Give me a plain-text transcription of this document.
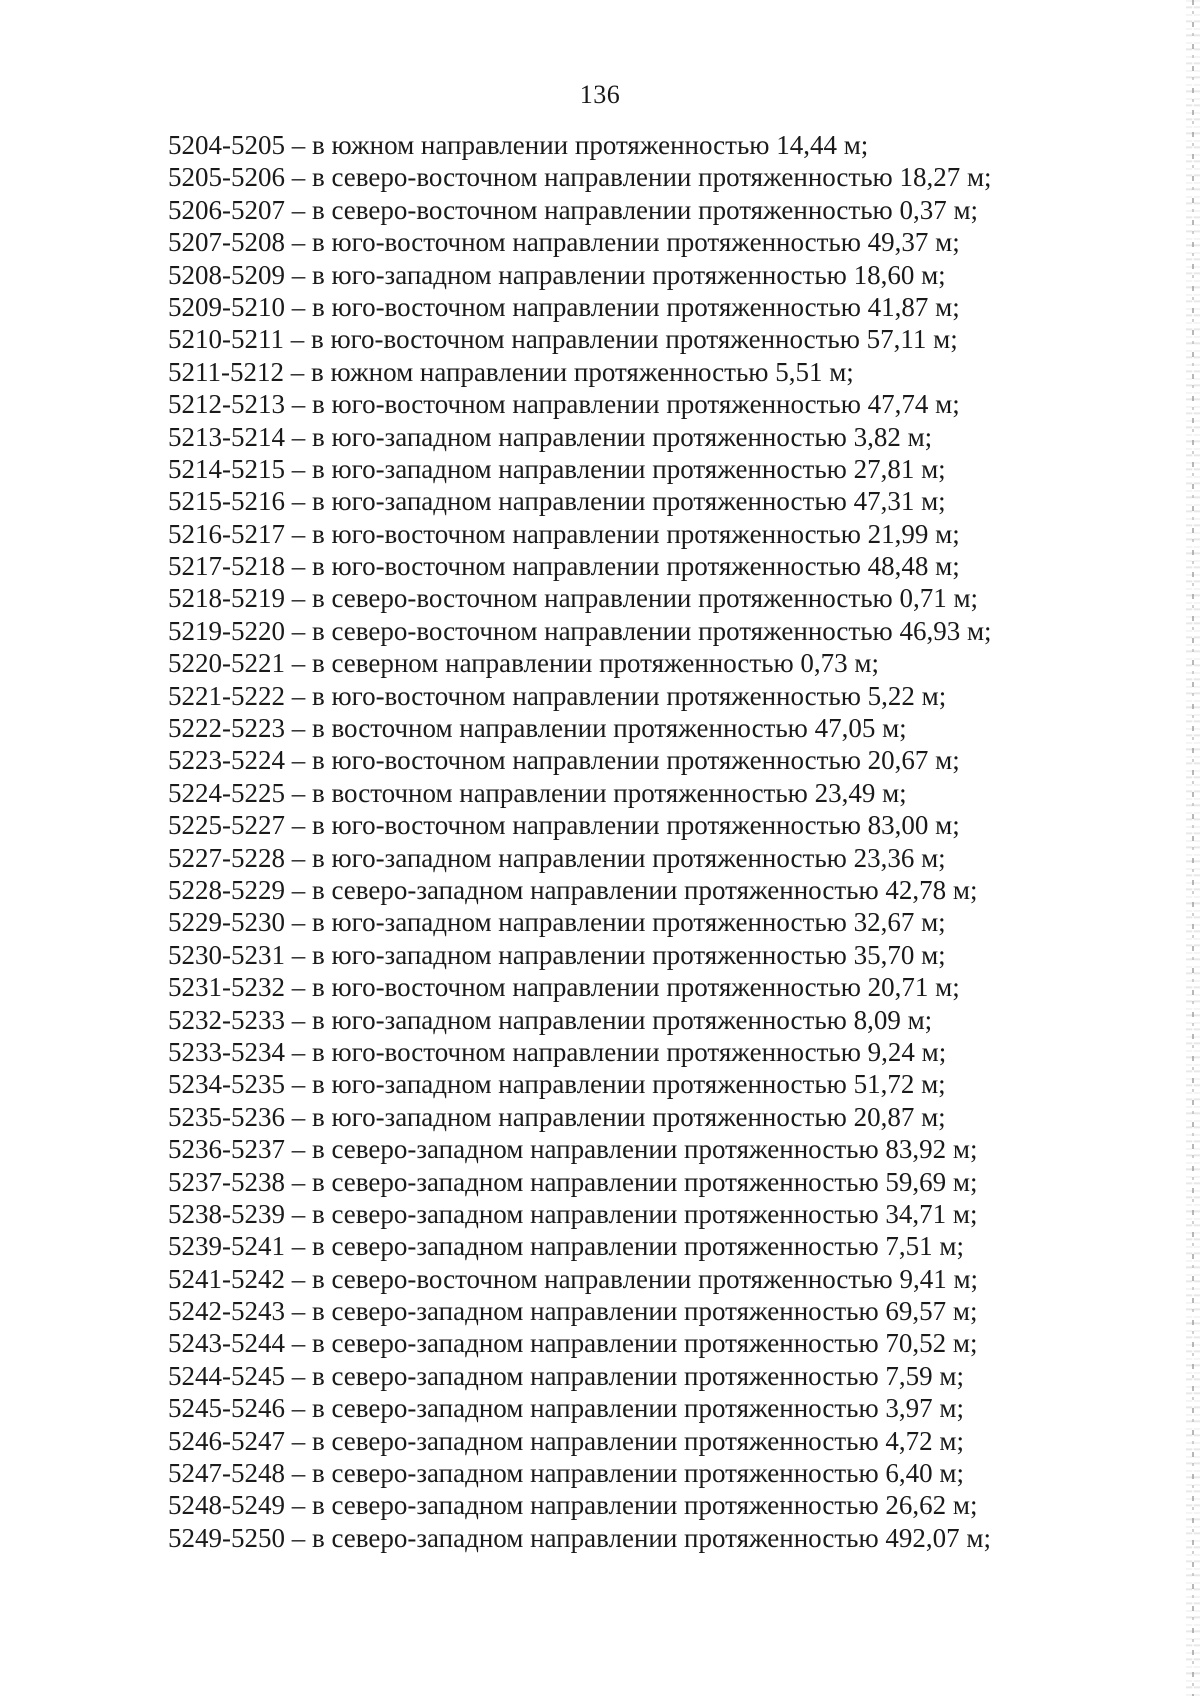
136
5204-5205 – в южном направлении протяженностью 14,44 м;
5205-5206 – в северо-восточном направлении протяженностью 18,27 м;
5206-5207 – в северо-восточном направлении протяженностью 0,37 м;
5207-5208 – в юго-восточном направлении протяженностью 49,37 м;
5208-5209 – в юго-западном направлении протяженностью 18,60 м;
5209-5210 – в юго-восточном направлении протяженностью 41,87 м;
5210-5211 – в юго-восточном направлении протяженностью 57,11 м;
5211-5212 – в южном направлении протяженностью 5,51 м;
5212-5213 – в юго-восточном направлении протяженностью 47,74 м;
5213-5214 – в юго-западном направлении протяженностью 3,82 м;
5214-5215 – в юго-западном направлении протяженностью 27,81 м;
5215-5216 – в юго-западном направлении протяженностью 47,31 м;
5216-5217 – в юго-восточном направлении протяженностью 21,99 м;
5217-5218 – в юго-восточном направлении протяженностью 48,48 м;
5218-5219 – в северо-восточном направлении протяженностью 0,71 м;
5219-5220 – в северо-восточном направлении протяженностью 46,93 м;
5220-5221 – в северном направлении протяженностью 0,73 м;
5221-5222 – в юго-восточном направлении протяженностью 5,22 м;
5222-5223 – в восточном направлении протяженностью 47,05 м;
5223-5224 – в юго-восточном направлении протяженностью 20,67 м;
5224-5225 – в восточном направлении протяженностью 23,49 м;
5225-5227 – в юго-восточном направлении протяженностью 83,00 м;
5227-5228 – в юго-западном направлении протяженностью 23,36 м;
5228-5229 – в северо-западном направлении протяженностью 42,78 м;
5229-5230 – в юго-западном направлении протяженностью 32,67 м;
5230-5231 – в юго-западном направлении протяженностью 35,70 м;
5231-5232 – в юго-восточном направлении протяженностью 20,71 м;
5232-5233 – в юго-западном направлении протяженностью 8,09 м;
5233-5234 – в юго-восточном направлении протяженностью 9,24 м;
5234-5235 – в юго-западном направлении протяженностью 51,72 м;
5235-5236 – в юго-западном направлении протяженностью 20,87 м;
5236-5237 – в северо-западном направлении протяженностью 83,92 м;
5237-5238 – в северо-западном направлении протяженностью 59,69 м;
5238-5239 – в северо-западном направлении протяженностью 34,71 м;
5239-5241 – в северо-западном направлении протяженностью 7,51 м;
5241-5242 – в северо-восточном направлении протяженностью 9,41 м;
5242-5243 – в северо-западном направлении протяженностью 69,57 м;
5243-5244 – в северо-западном направлении протяженностью 70,52 м;
5244-5245 – в северо-западном направлении протяженностью 7,59 м;
5245-5246 – в северо-западном направлении протяженностью 3,97 м;
5246-5247 – в северо-западном направлении протяженностью 4,72 м;
5247-5248 – в северо-западном направлении протяженностью 6,40 м;
5248-5249 – в северо-западном направлении протяженностью 26,62 м;
5249-5250 – в северо-западном направлении протяженностью 492,07 м;
